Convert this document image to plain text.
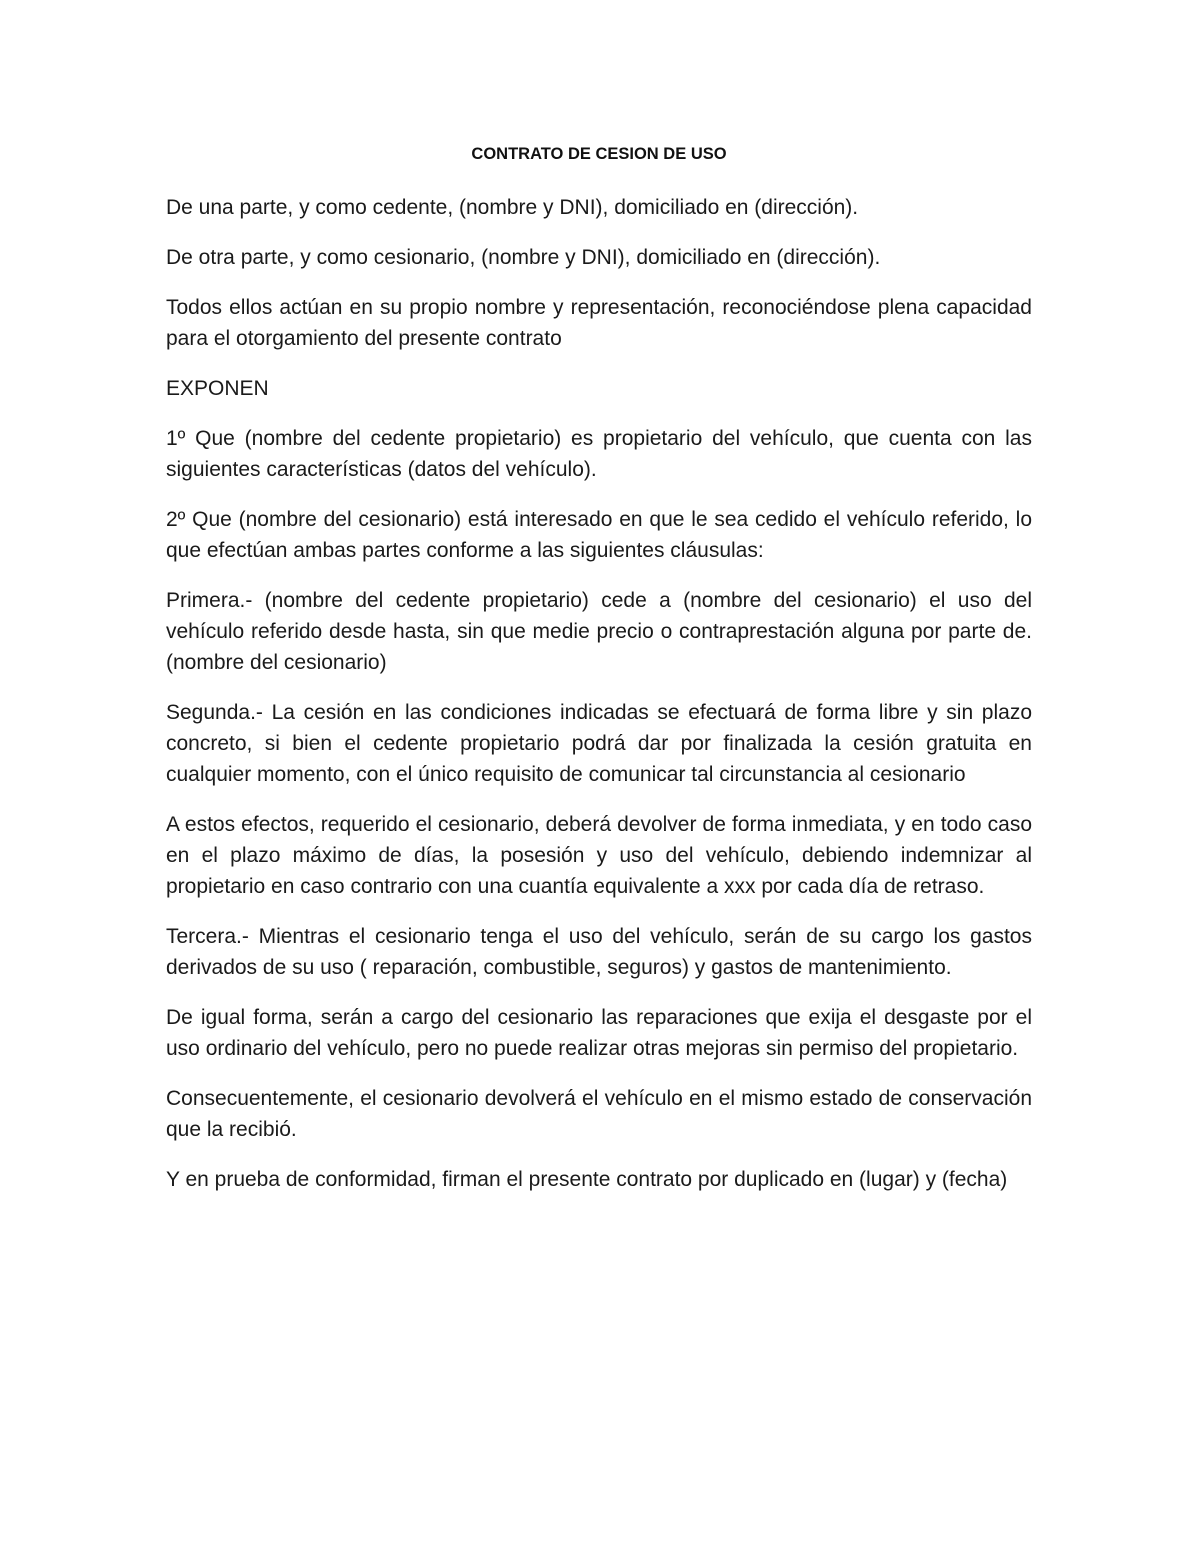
CONTRATO DE CESION DE USO

De una parte, y como cedente, (nombre y DNI), domiciliado en (dirección).

De otra parte, y como cesionario, (nombre y DNI), domiciliado en (dirección).

Todos ellos actúan en su propio nombre y representación, reconociéndose plena capacidad para el otorgamiento del presente contrato

EXPONEN

1º Que (nombre del cedente propietario) es propietario del vehículo, que cuenta con las siguientes características (datos del vehículo).

2º Que (nombre del cesionario) está interesado en que le sea cedido el vehículo referido, lo que efectúan ambas partes conforme a las siguientes cláusulas:

Primera.- (nombre del cedente propietario) cede a (nombre del cesionario) el uso del vehículo referido desde hasta, sin que medie precio o contraprestación alguna por parte de. (nombre del cesionario)

Segunda.- La cesión en las condiciones indicadas se efectuará de forma libre y sin plazo concreto, si bien el cedente propietario podrá dar por finalizada la cesión gratuita en cualquier momento, con el único requisito de comunicar tal circunstancia al cesionario

A estos efectos, requerido el cesionario, deberá devolver de forma inmediata, y en todo caso en el plazo máximo de días, la posesión y uso del vehículo, debiendo indemnizar al propietario en caso contrario con una cuantía equivalente a xxx por cada día de retraso.

Tercera.- Mientras el cesionario tenga el uso del vehículo, serán de su cargo los gastos derivados de su uso ( reparación, combustible, seguros) y gastos de mantenimiento.

De igual forma, serán a cargo del cesionario las reparaciones que exija el desgaste por el uso ordinario del vehículo, pero no puede realizar otras mejoras sin permiso del propietario.

Consecuentemente, el cesionario devolverá el vehículo en el mismo estado de conservación que la recibió.

Y en prueba de conformidad, firman el presente contrato por duplicado en (lugar) y (fecha)
